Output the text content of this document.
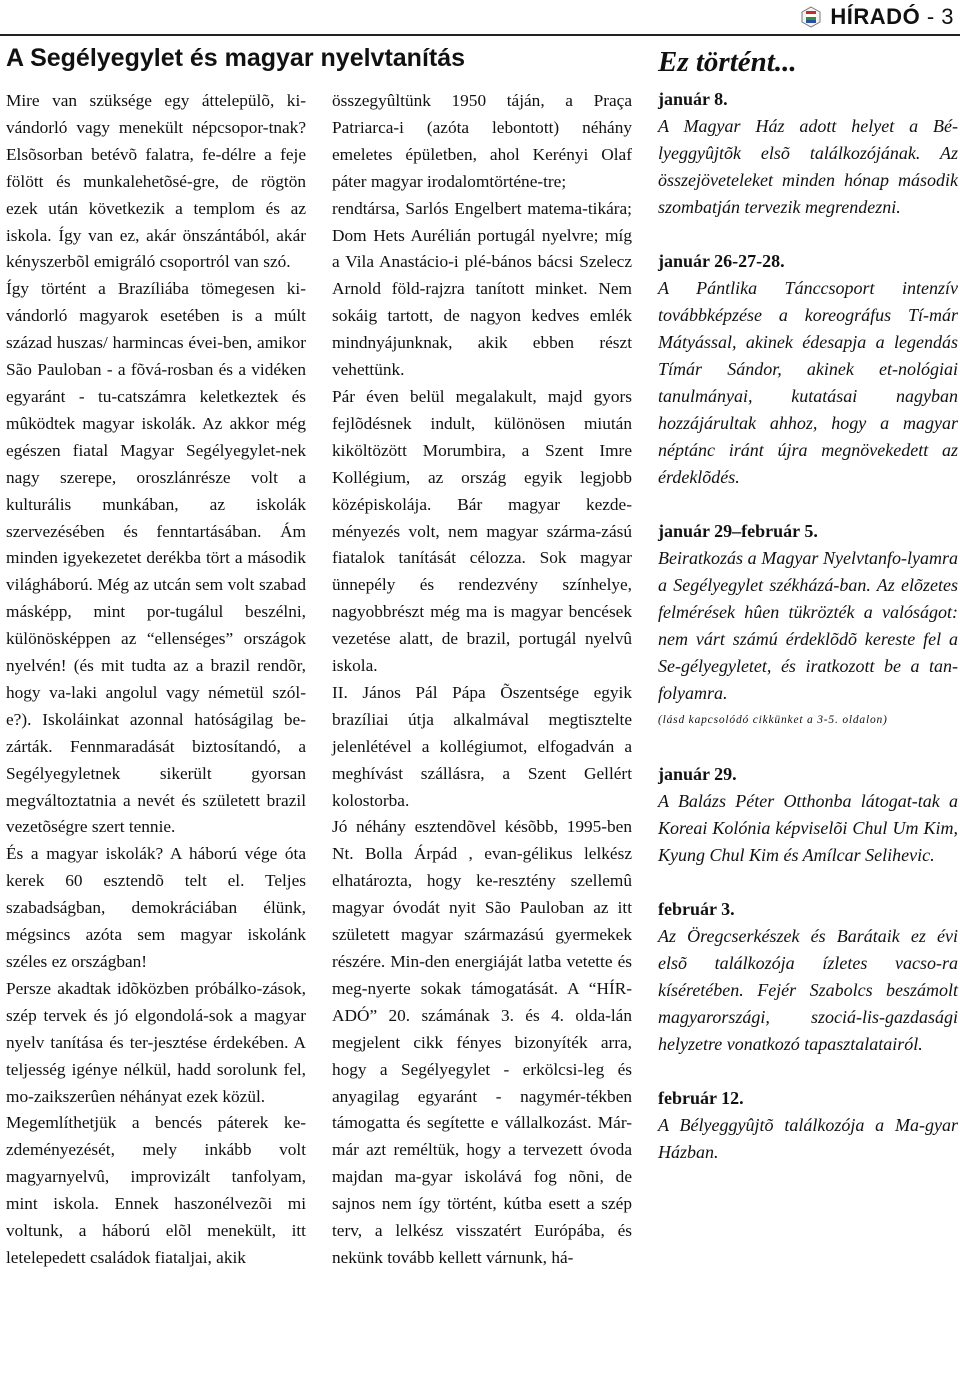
HÍRADÓ - 3
A Segélyegylet és magyar nyelvtanítás	Ez történt...

Mire van szüksége egy áttelepülõ, ki-vándorló vagy menekült népcsopor-tnak? Elsõsorban betévõ falatra, fe-délre a feje fölött és munkalehetõsé-gre, de rögtön ezek után következik a templom és az iskola. Így van ez, akár önszántából, akár kényszerbõl emigráló csoportról van szó.

Így történt a Brazíliába tömegesen ki-vándorló magyarok esetében is a múlt század huszas/ harmincas évei-ben, amikor São Pauloban - a fõvá-rosban és a vidéken egyaránt - tu-catszámra keletkeztek és mûködtek magyar iskolák. Az akkor még egészen fiatal Magyar Segélyegylet-nek nagy szerepe, oroszlánrésze volt a kulturális munkában, az iskolák szervezésében és fenntartásában. Ám minden igyekezetet derékba tört a második világháború. Még az utcán sem volt szabad másképp, mint por-tugálul beszélni, különösképpen az “ellenséges” országok nyelvén! (és mit tudta az a brazil rendõr, hogy va-laki angolul vagy németül szól-e?). Iskoláinkat azonnal hatóságilag be-zárták. Fennmaradását biztosítandó, a Segélyegyletnek sikerült gyorsan megváltoztatnia a nevét és született brazil vezetõségre szert tennie.

És a magyar iskolák? A háború vége óta kerek 60 esztendõ telt el. Teljes szabadságban, demokráciában élünk, mégsincs azóta sem magyar iskolánk széles ez országban!

Persze akadtak idõközben próbálko-zások, szép tervek és jó elgondolá-sok a magyar nyelv tanítása és ter-jesztése érdekében. A teljesség igénye nélkül, hadd sorolunk fel, mo-zaikszerûen néhányat ezek közül.

Megemlíthetjük a bencés páterek ke-zdeményezését, mely inkább volt magyarnyelvû, improvizált tanfolyam, mint iskola. Ennek haszonélvezõi mi voltunk, a háború elõl menekült, itt letelepedett családok fiataljai, akik

összegyûltünk 1950 táján, a Praça Patriarca-i (azóta lebontott) néhány emeletes épületben, ahol Kerényi Olaf páter magyar irodalomtörténe-tre;

rendtársa, Sarlós Engelbert matema-tikára; Dom Hets Aurélián portugál nyelvre; míg a Vila Anastácio-i plé-bános bácsi Szelecz Arnold föld-rajzra tanított minket. Nem sokáig tartott, de nagyon kedves emlék mindnyájunknak, akik ebben részt vehettünk.

Pár éven belül megalakult, majd gyors fejlõdésnek indult, különösen miután kiköltözött Morumbira, a Szent Imre Kollégium, az ország egyik legjobb középiskolája. Bár magyar kezde-ményezés volt, nem magyar szárma-zású fiatalok tanítását célozza. Sok magyar ünnepély és rendezvény színhelye, nagyobbrészt még ma is magyar bencések vezetése alatt, de brazil, portugál nyelvû iskola.

II. János Pál Pápa Õszentsége egyik brazíliai útja alkalmával megtisztelte jelenlétével a kollégiumot, elfogadván a meghívást szállásra, a Szent Gellért kolostorba.

Jó néhány esztendõvel késõbb, 1995-ben Nt. Bolla Árpád , evan-gélikus lelkész elhatározta, hogy ke-resztény szellemû magyar óvodát nyit São Pauloban az itt született magyar származású gyermekek részére. Min-den energiáját latba vetette és meg-nyerte sokak támogatását. A “HÍR-ADÓ” 20. számának 3. és 4. olda-lán megjelent cikk fényes bizonyíték arra, hogy a Segélyegylet - erkölcsi-leg és anyagilag egyaránt - nagymér-tékben támogatta és segítette e vállalkozást. Már-már azt reméltük, hogy a tervezett óvoda majdan ma-gyar iskolává fog nõni, de sajnos nem így történt, kútba esett a szép terv, a lelkész visszatért Európába, és nekünk tovább kellett várnunk, há-

január 8.

A Magyar Ház adott helyet a Bé-lyeggyûjtõk elsõ találkozójának. Az összejöveteleket minden hónap második szombatján tervezik megrendezni.

január 26-27-28.

A Pántlika Tánccsoport intenzív továbbképzése a koreográfus Tí-már Mátyással, akinek édesapja a legendás Tímár Sándor, akinek et-nológiai tanulmányai, kutatásai nagyban hozzájárultak ahhoz, hogy a magyar néptánc iránt újra megnövekedett az érdeklõdés.

január 29–február 5.

Beiratkozás a Magyar Nyelvtanfo-lyamra a Segélyegylet székházá-ban. Az elõzetes felmérések hûen tükrözték a valóságot: nem várt számú érdeklõdõ kereste fel a Se-gélyegyletet, és iratkozott be a tan-folyamra.

(lásd kapcsolódó cikkünket a 3-5. oldalon)

január 29.

A Balázs Péter Otthonba látogat-tak a Koreai Kolónia képviselõi Chul Um Kim, Kyung Chul Kim és Amílcar Selihevic.

február 3.

Az Öregcserkészek és Barátaik ez évi elsõ találkozója ízletes vacso-ra kíséretében. Fejér Szabolcs beszámolt magyarországi, szociá-lis-gazdasági helyzetre vonatkozó tapasztalatairól.

február 12.

A Bélyeggyûjtõ találkozója a Ma-gyar Házban.
